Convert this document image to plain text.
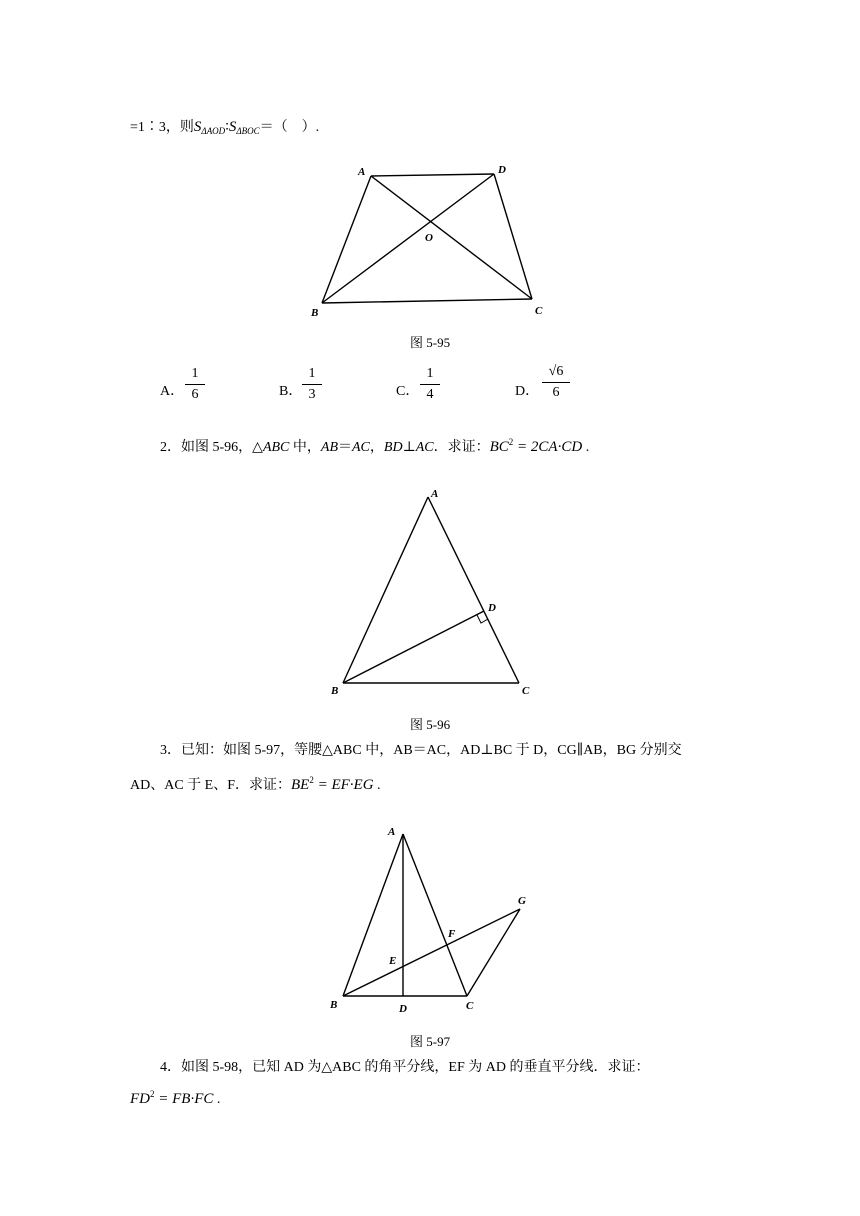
=1∶3，则$S_{\Delta AOD}∶S_{\Delta BOC}=$（　）.
A	D
O
B	C
图 5-95
A．
1
6	B．
1
3	C．
1
4	D．
√6
6
2．如图 5-96，△ABC 中，AB＝AC，BD⊥AC．求证：$BC^2 = 2CA\cdot CD$ .
A
D
B	C
图 5-96
3．已知：如图 5-97，等腰△ABC 中，AB＝AC，AD⊥BC 于 D，CG∥AB，BG 分别交
AD、AC 于 E、F．求证：$BE^2 = EF\cdot EG$ .
A
G
F
E
B	D	C
图 5-97
4．如图 5-98，已知 AD 为△ABC 的角平分线，EF 为 AD 的垂直平分线．求证：
$FD^2 = FB\cdot FC$ .
